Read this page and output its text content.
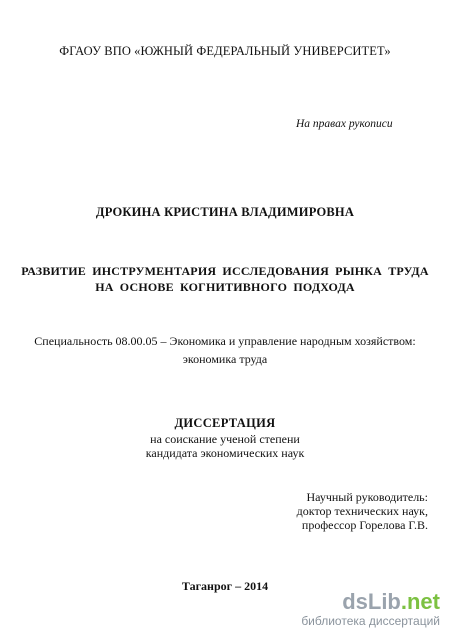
ФГАОУ ВПО «ЮЖНЫЙ ФЕДЕРАЛЬНЫЙ УНИВЕРСИТЕТ»
На правах рукописи
ДРОКИНА КРИСТИНА ВЛАДИМИРОВНА
РАЗВИТИЕ ИНСТРУМЕНТАРИЯ ИССЛЕДОВАНИЯ РЫНКА ТРУДА
НА ОСНОВЕ КОГНИТИВНОГО ПОДХОДА
Специальность 08.00.05 – Экономика и управление народным хозяйством:
экономика труда
ДИССЕРТАЦИЯ
на соискание ученой степени
кандидата экономических наук
Научный руководитель:
доктор технических наук,
профессор Горелова Г.В.
Таганрог – 2014
dsLib.net
библиотека диссертаций
